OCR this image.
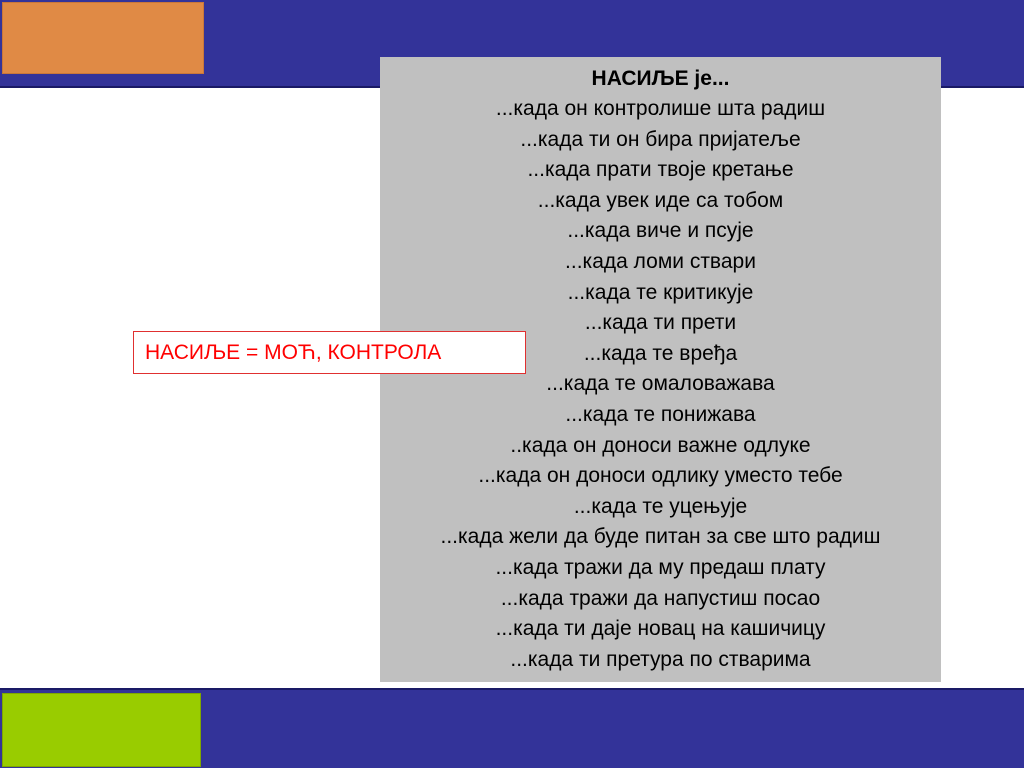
НАСИЉЕ је...
...када он контролише шта радиш
...када ти он бира пријатеље
...када прати твоје кретање
...када увек иде са тобом
...када виче и псује
...када ломи ствари
...када те критикује
...када ти прети
...када те вређа
...када те омаловажава
...када те понижава
..када он доноси важне одлуке
...када он доноси одлику уместо тебе
...када те уцењује
...када жели да буде питан за све што радиш
...када тражи да му предаш плату
...када тражи да напустиш посао
...када ти даје новац на кашичицу
...када ти претура по стварима
НАСИЉЕ = МОЋ, КОНТРОЛА
